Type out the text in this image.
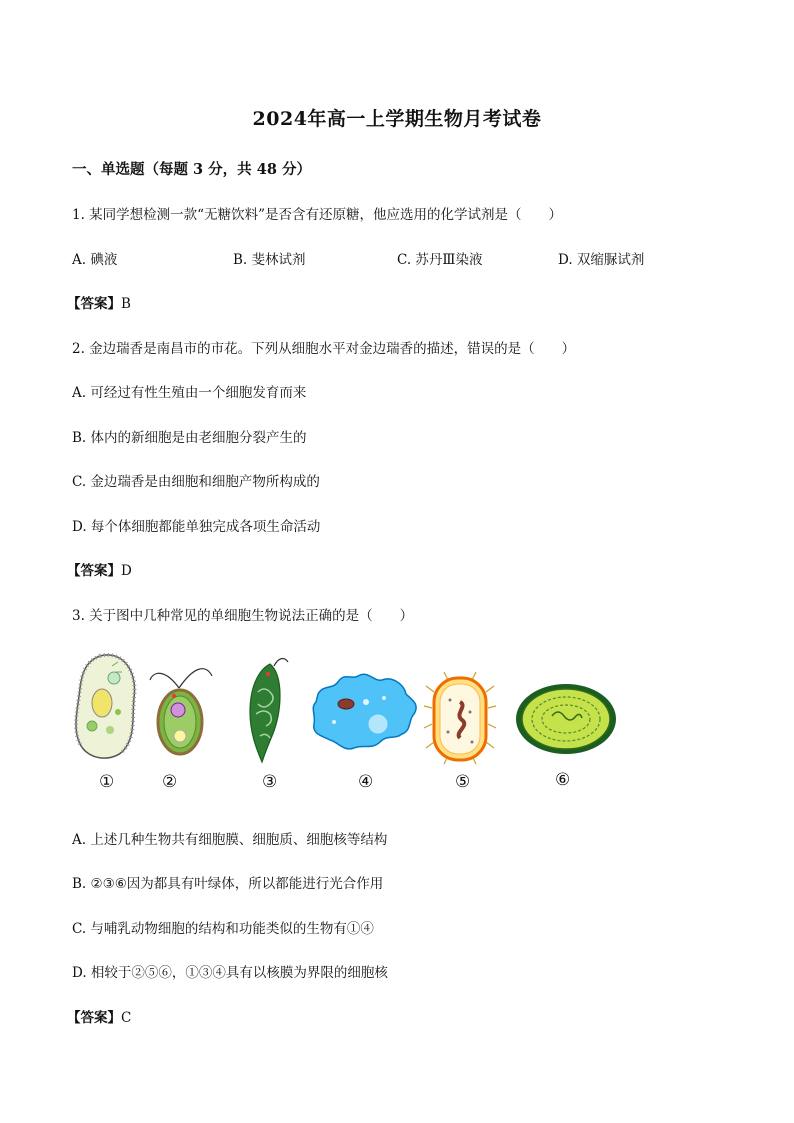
2024年高一上学期生物月考试卷
一、单选题（每题 3 分，共 48 分）
1. 某同学想检测一款“无糖饮料”是否含有还原糖，他应选用的化学试剂是（　　）
A. 碘液	B. 斐林试剂	C. 苏丹Ⅲ染液	D. 双缩脲试剂
【答案】B
2. 金边瑞香是南昌市的市花。下列从细胞水平对金边瑞香的描述，错误的是（　　）
A. 可经过有性生殖由一个细胞发育而来
B. 体内的新细胞是由老细胞分裂产生的
C. 金边瑞香是由细胞和细胞产物所构成的
D. 每个体细胞都能单独完成各项生命活动
【答案】D
3. 关于图中几种常见的单细胞生物说法正确的是（　　）
①	②	③	④	⑤	⑥
A. 上述几种生物共有细胞膜、细胞质、细胞核等结构
B. ②③⑥因为都具有叶绿体，所以都能进行光合作用
C. 与哺乳动物细胞的结构和功能类似的生物有①④
D. 相较于②⑤⑥，①③④具有以核膜为界限的细胞核
【答案】C
